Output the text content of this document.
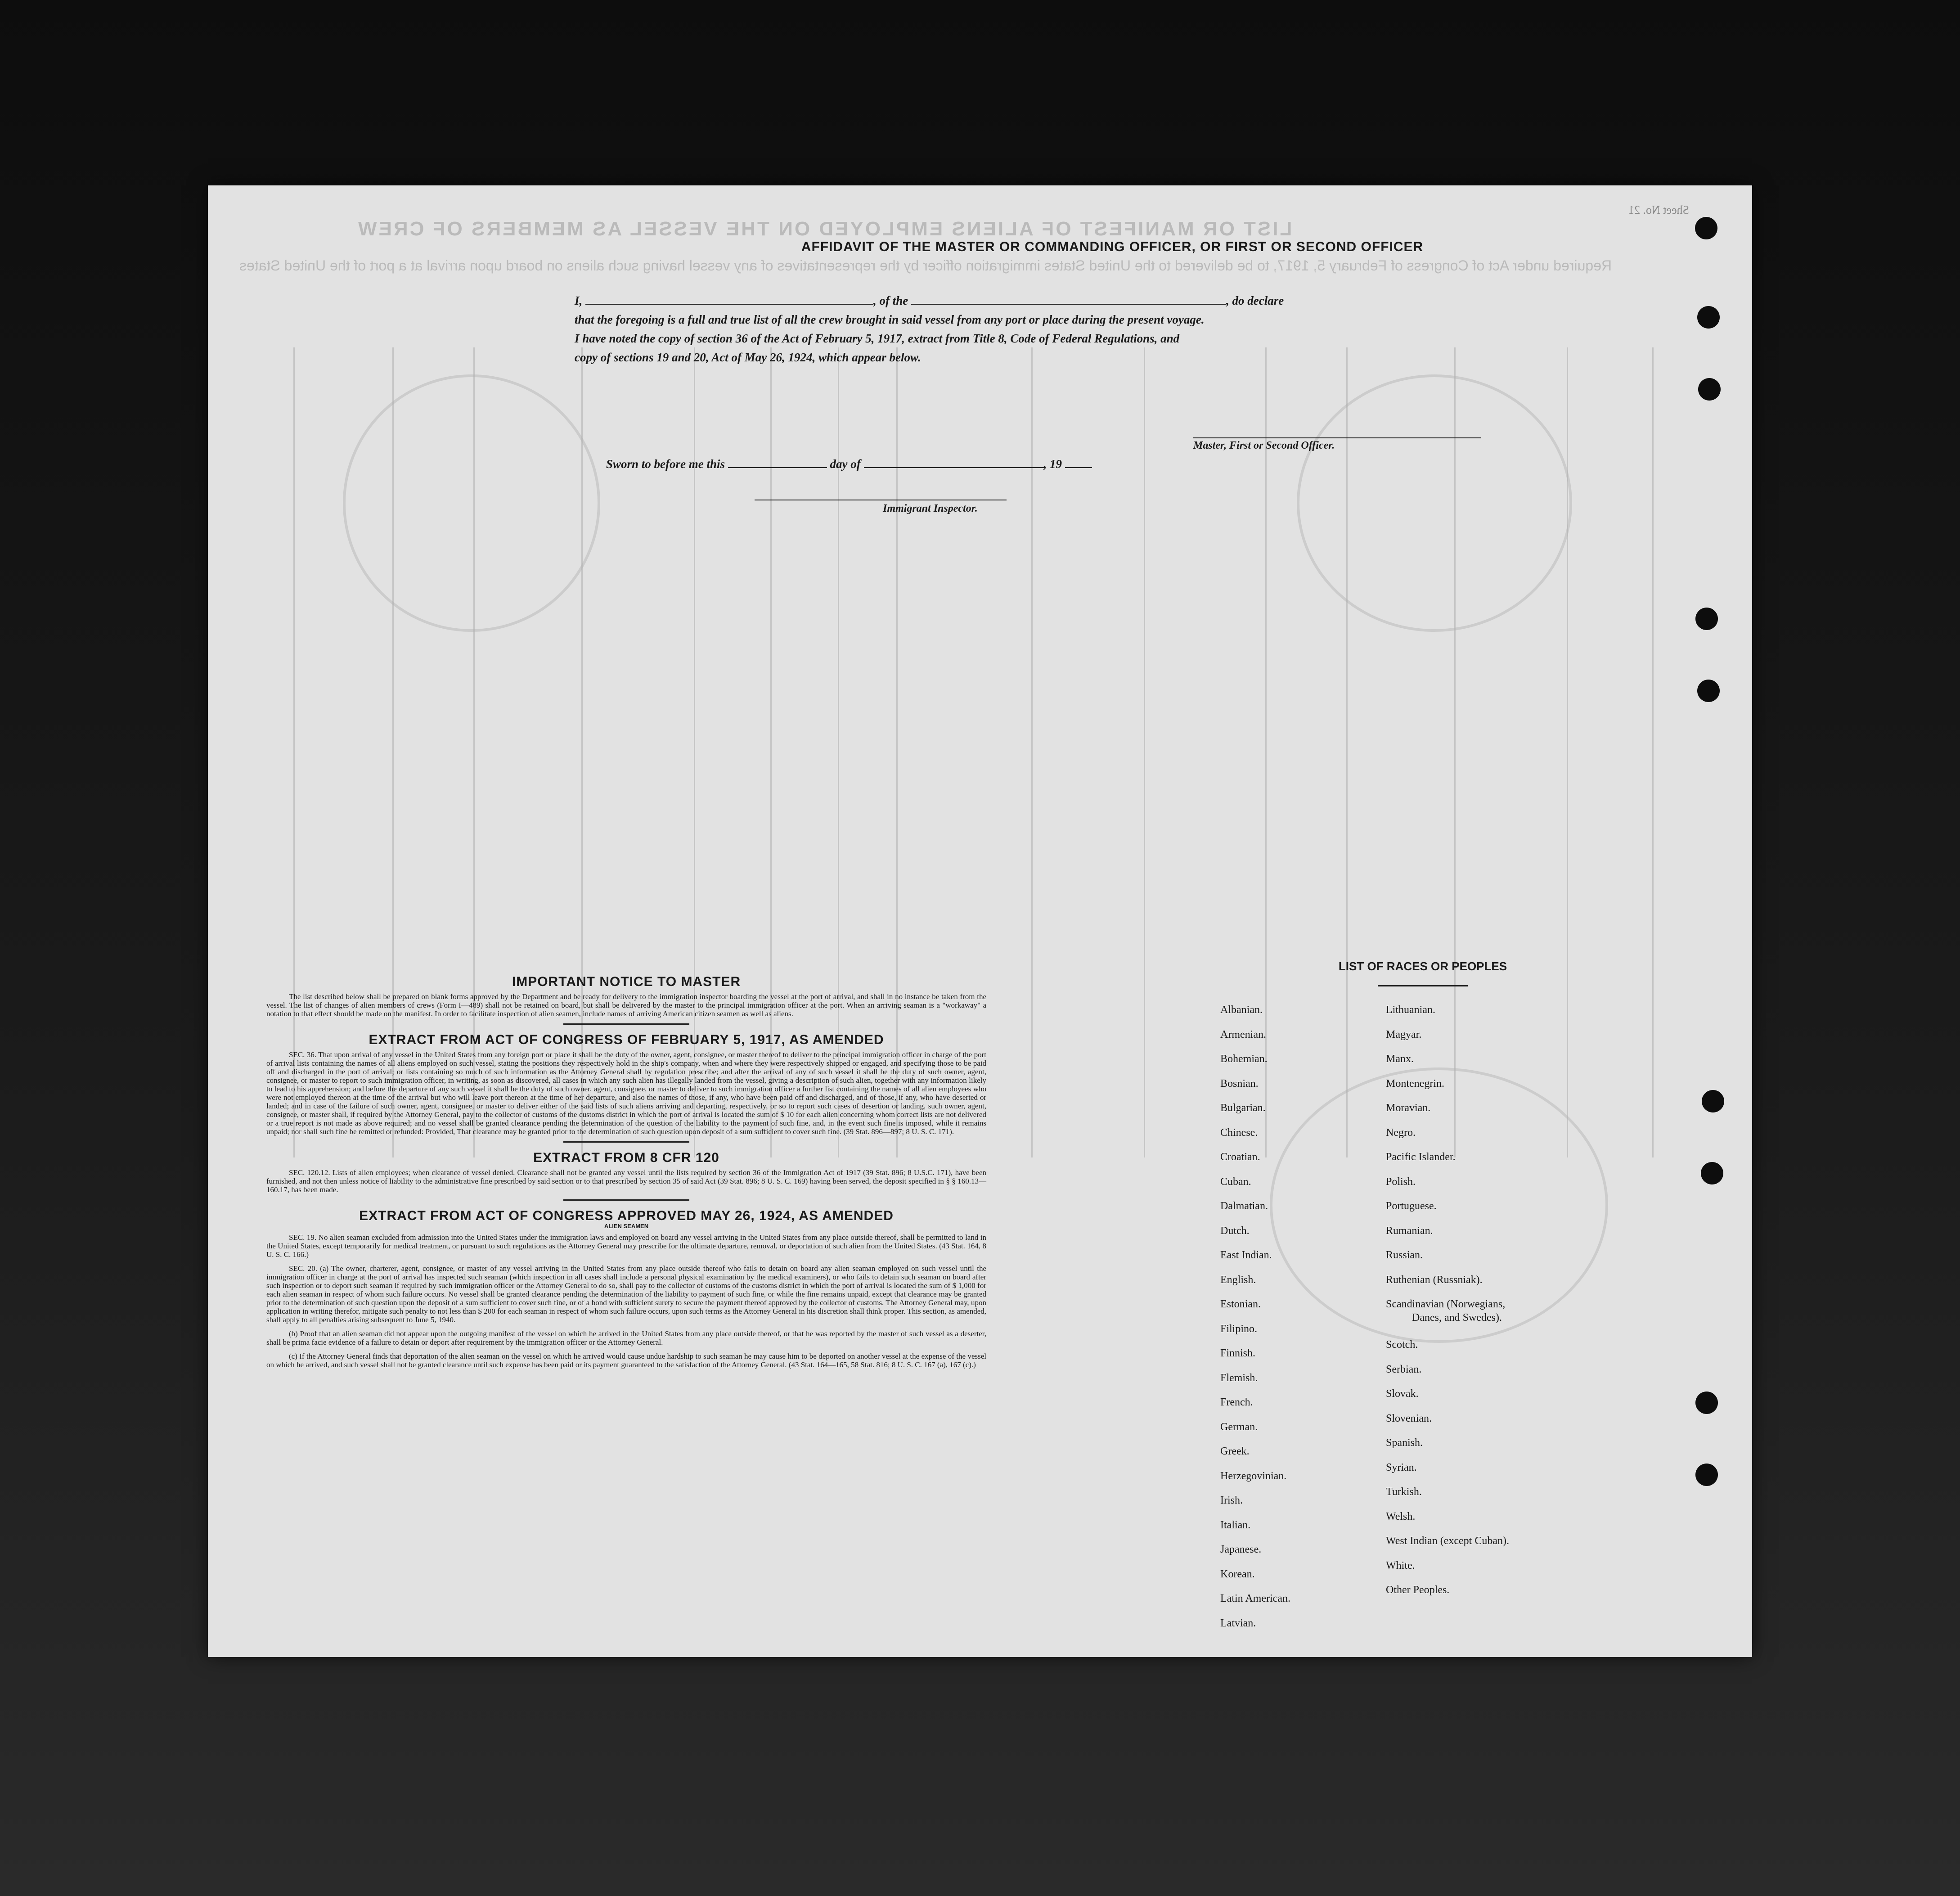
LIST OR MANIFEST OF ALIENS EMPLOYED ON THE VESSEL AS MEMBERS OF CREW
Required under Act of Congress of February 5, 1917, to be delivered to the United States immigration officer by the representatives of any vessel having such aliens on board upon arrival at a port of the United States
Sheet No. 21
AFFIDAVIT OF THE MASTER OR COMMANDING OFFICER, OR FIRST OR SECOND OFFICER
I,	, of the	, do declare
that the foregoing is a full and true list of all the crew brought in said vessel from any port or place during the present voyage.
I have noted the copy of section 36 of the Act of February 5, 1917, extract from Title 8, Code of Federal Regulations, and
copy of sections 19 and 20, Act of May 26, 1924, which appear below.
Master, First or Second Officer.
Sworn to before me this	day of	, 19
Immigrant Inspector.
IMPORTANT NOTICE TO MASTER

The list described below shall be prepared on blank forms approved by the Department and be ready for delivery to the immigration inspector boarding the vessel at the port of arrival, and shall in no instance be taken from the vessel. The list of changes of alien members of crews (Form I—489) shall not be retained on board, but shall be delivered by the master to the principal immigration officer at the port. When an arriving seaman is a "workaway" a notation to that effect should be made on the manifest. In order to facilitate inspection of alien seamen, include names of arriving American citizen seamen as well as aliens.

EXTRACT FROM ACT OF CONGRESS OF FEBRUARY 5, 1917, AS AMENDED

SEC. 36. That upon arrival of any vessel in the United States from any foreign port or place it shall be the duty of the owner, agent, consignee, or master thereof to deliver to the principal immigration officer in charge of the port of arrival lists containing the names of all aliens employed on such vessel, stating the positions they respectively hold in the ship's company, when and where they were respectively shipped or engaged, and specifying those to be paid off and discharged in the port of arrival; or lists containing so much of such information as the Attorney General shall by regulation prescribe; and after the arrival of any of such vessel it shall be the duty of such owner, agent, consignee, or master to report to such immigration officer, in writing, as soon as discovered, all cases in which any such alien has illegally landed from the vessel, giving a description of such alien, together with any information likely to lead to his apprehension; and before the departure of any such vessel it shall be the duty of such owner, agent, consignee, or master to deliver to such immigration officer a further list containing the names of all alien employees who were not employed thereon at the time of the arrival but who will leave port thereon at the time of her departure, and also the names of those, if any, who have been paid off and discharged, and of those, if any, who have deserted or landed; and in case of the failure of such owner, agent, consignee, or master to deliver either of the said lists of such aliens arriving and departing, respectively, or so to report such cases of desertion or landing, such owner, agent, consignee, or master shall, if required by the Attorney General, pay to the collector of customs of the customs district in which the port of arrival is located the sum of $ 10 for each alien concerning whom correct lists are not delivered or a true report is not made as above required; and no vessel shall be granted clearance pending the determination of the question of the liability to the payment of such fine, and, in the event such fine is imposed, while it remains unpaid; nor shall such fine be remitted or refunded: Provided, That clearance may be granted prior to the determination of such question upon deposit of a sum sufficient to cover such fine. (39 Stat. 896—897; 8 U. S. C. 171).

EXTRACT FROM 8 CFR 120

SEC. 120.12. Lists of alien employees; when clearance of vessel denied. Clearance shall not be granted any vessel until the lists required by section 36 of the Immigration Act of 1917 (39 Stat. 896; 8 U.S.C. 171), have been furnished, and not then unless notice of liability to the administrative fine prescribed by said section or to that prescribed by section 35 of said Act (39 Stat. 896; 8 U. S. C. 169) having been served, the deposit specified in § § 160.13—160.17, has been made.

EXTRACT FROM ACT OF CONGRESS APPROVED MAY 26, 1924, AS AMENDED
ALIEN SEAMEN

SEC. 19. No alien seaman excluded from admission into the United States under the immigration laws and employed on board any vessel arriving in the United States from any place outside thereof, shall be permitted to land in the United States, except temporarily for medical treatment, or pursuant to such regulations as the Attorney General may prescribe for the ultimate departure, removal, or deportation of such alien from the United States. (43 Stat. 164, 8 U. S. C. 166.)

SEC. 20. (a) The owner, charterer, agent, consignee, or master of any vessel arriving in the United States from any place outside thereof who fails to detain on board any alien seaman employed on such vessel until the immigration officer in charge at the port of arrival has inspected such seaman (which inspection in all cases shall include a personal physical examination by the medical examiners), or who fails to detain such seaman on board after such inspection or to deport such seaman if required by such immigration officer or the Attorney General to do so, shall pay to the collector of customs of the customs district in which the port of arrival is located the sum of $ 1,000 for each alien seaman in respect of whom such failure occurs. No vessel shall be granted clearance pending the determination of the liability to payment of such fine, or while the fine remains unpaid, except that clearance may be granted prior to the determination of such question upon the deposit of a sum sufficient to cover such fine, or of a bond with sufficient surety to secure the payment thereof approved by the collector of customs. The Attorney General may, upon application in writing therefor, mitigate such penalty to not less than $ 200 for each seaman in respect of whom such failure occurs, upon such terms as the Attorney General in his discretion shall think proper. This section, as amended, shall apply to all penalties arising subsequent to June 5, 1940.

(b) Proof that an alien seaman did not appear upon the outgoing manifest of the vessel on which he arrived in the United States from any place outside thereof, or that he was reported by the master of such vessel as a deserter, shall be prima facie evidence of a failure to detain or deport after requirement by the immigration officer or the Attorney General.

(c) If the Attorney General finds that deportation of the alien seaman on the vessel on which he arrived would cause undue hardship to such seaman he may cause him to be deported on another vessel at the expense of the vessel on which he arrived, and such vessel shall not be granted clearance until such expense has been paid or its payment guaranteed to the satisfaction of the Attorney General. (43 Stat. 164—165, 58 Stat. 816; 8 U. S. C. 167 (a), 167 (c).)

LIST OF RACES OR PEOPLES
Albanian.
Armenian.
Bohemian.
Bosnian.
Bulgarian.
Chinese.
Croatian.
Cuban.
Dalmatian.
Dutch.
East Indian.
English.
Estonian.
Filipino.
Finnish.
Flemish.
French.
German.
Greek.
Herzegovinian.
Irish.
Italian.
Japanese.
Korean.
Latin American.
Latvian.
Lithuanian.
Magyar.
Manx.
Montenegrin.
Moravian.
Negro.
Pacific Islander.
Polish.
Portuguese.
Rumanian.
Russian.
Ruthenian (Russniak).
Scandinavian (Norwegians,
Danes, and Swedes).
Scotch.
Serbian.
Slovak.
Slovenian.
Spanish.
Syrian.
Turkish.
Welsh.
West Indian (except Cuban).
White.
Other Peoples.
